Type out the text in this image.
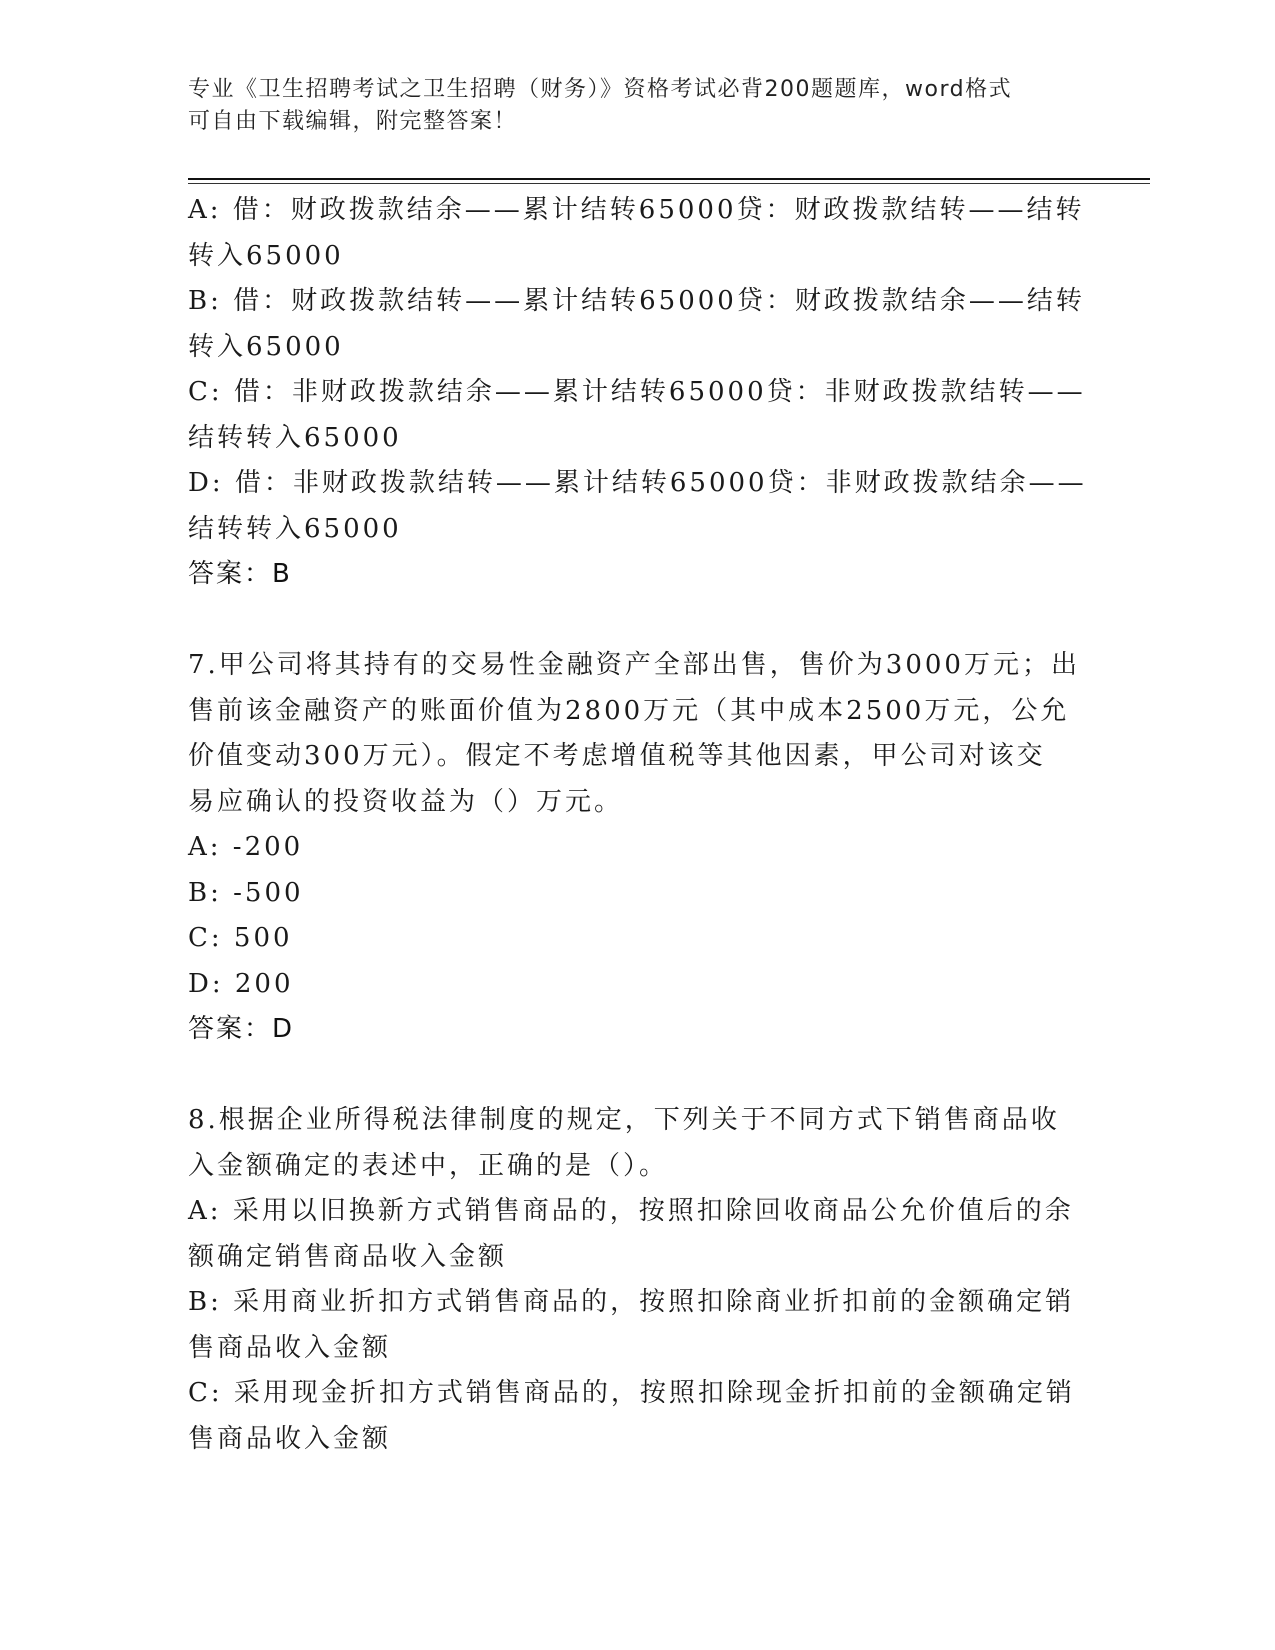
专业《卫生招聘考试之卫生招聘（财务）》资格考试必背200题题库，word格式
可自由下载编辑，附完整答案！
A: 借：财政拨款结余——累计结转65000贷：财政拨款结转——结转
转入65000
B: 借：财政拨款结转——累计结转65000贷：财政拨款结余——结转
转入65000
C: 借：非财政拨款结余——累计结转65000贷：非财政拨款结转——
结转转入65000
D: 借：非财政拨款结转——累计结转65000贷：非财政拨款结余——
结转转入65000
答案：B
7.甲公司将其持有的交易性金融资产全部出售，售价为3000万元；出
售前该金融资产的账面价值为2800万元（其中成本2500万元，公允
价值变动300万元）。假定不考虑增值税等其他因素，甲公司对该交
易应确认的投资收益为（）万元。
A: -200
B: -500
C: 500
D: 200
答案：D
8.根据企业所得税法律制度的规定，下列关于不同方式下销售商品收
入金额确定的表述中，正确的是（）。
A: 采用以旧换新方式销售商品的，按照扣除回收商品公允价值后的余
额确定销售商品收入金额
B: 采用商业折扣方式销售商品的，按照扣除商业折扣前的金额确定销
售商品收入金额
C: 采用现金折扣方式销售商品的，按照扣除现金折扣前的金额确定销
售商品收入金额
